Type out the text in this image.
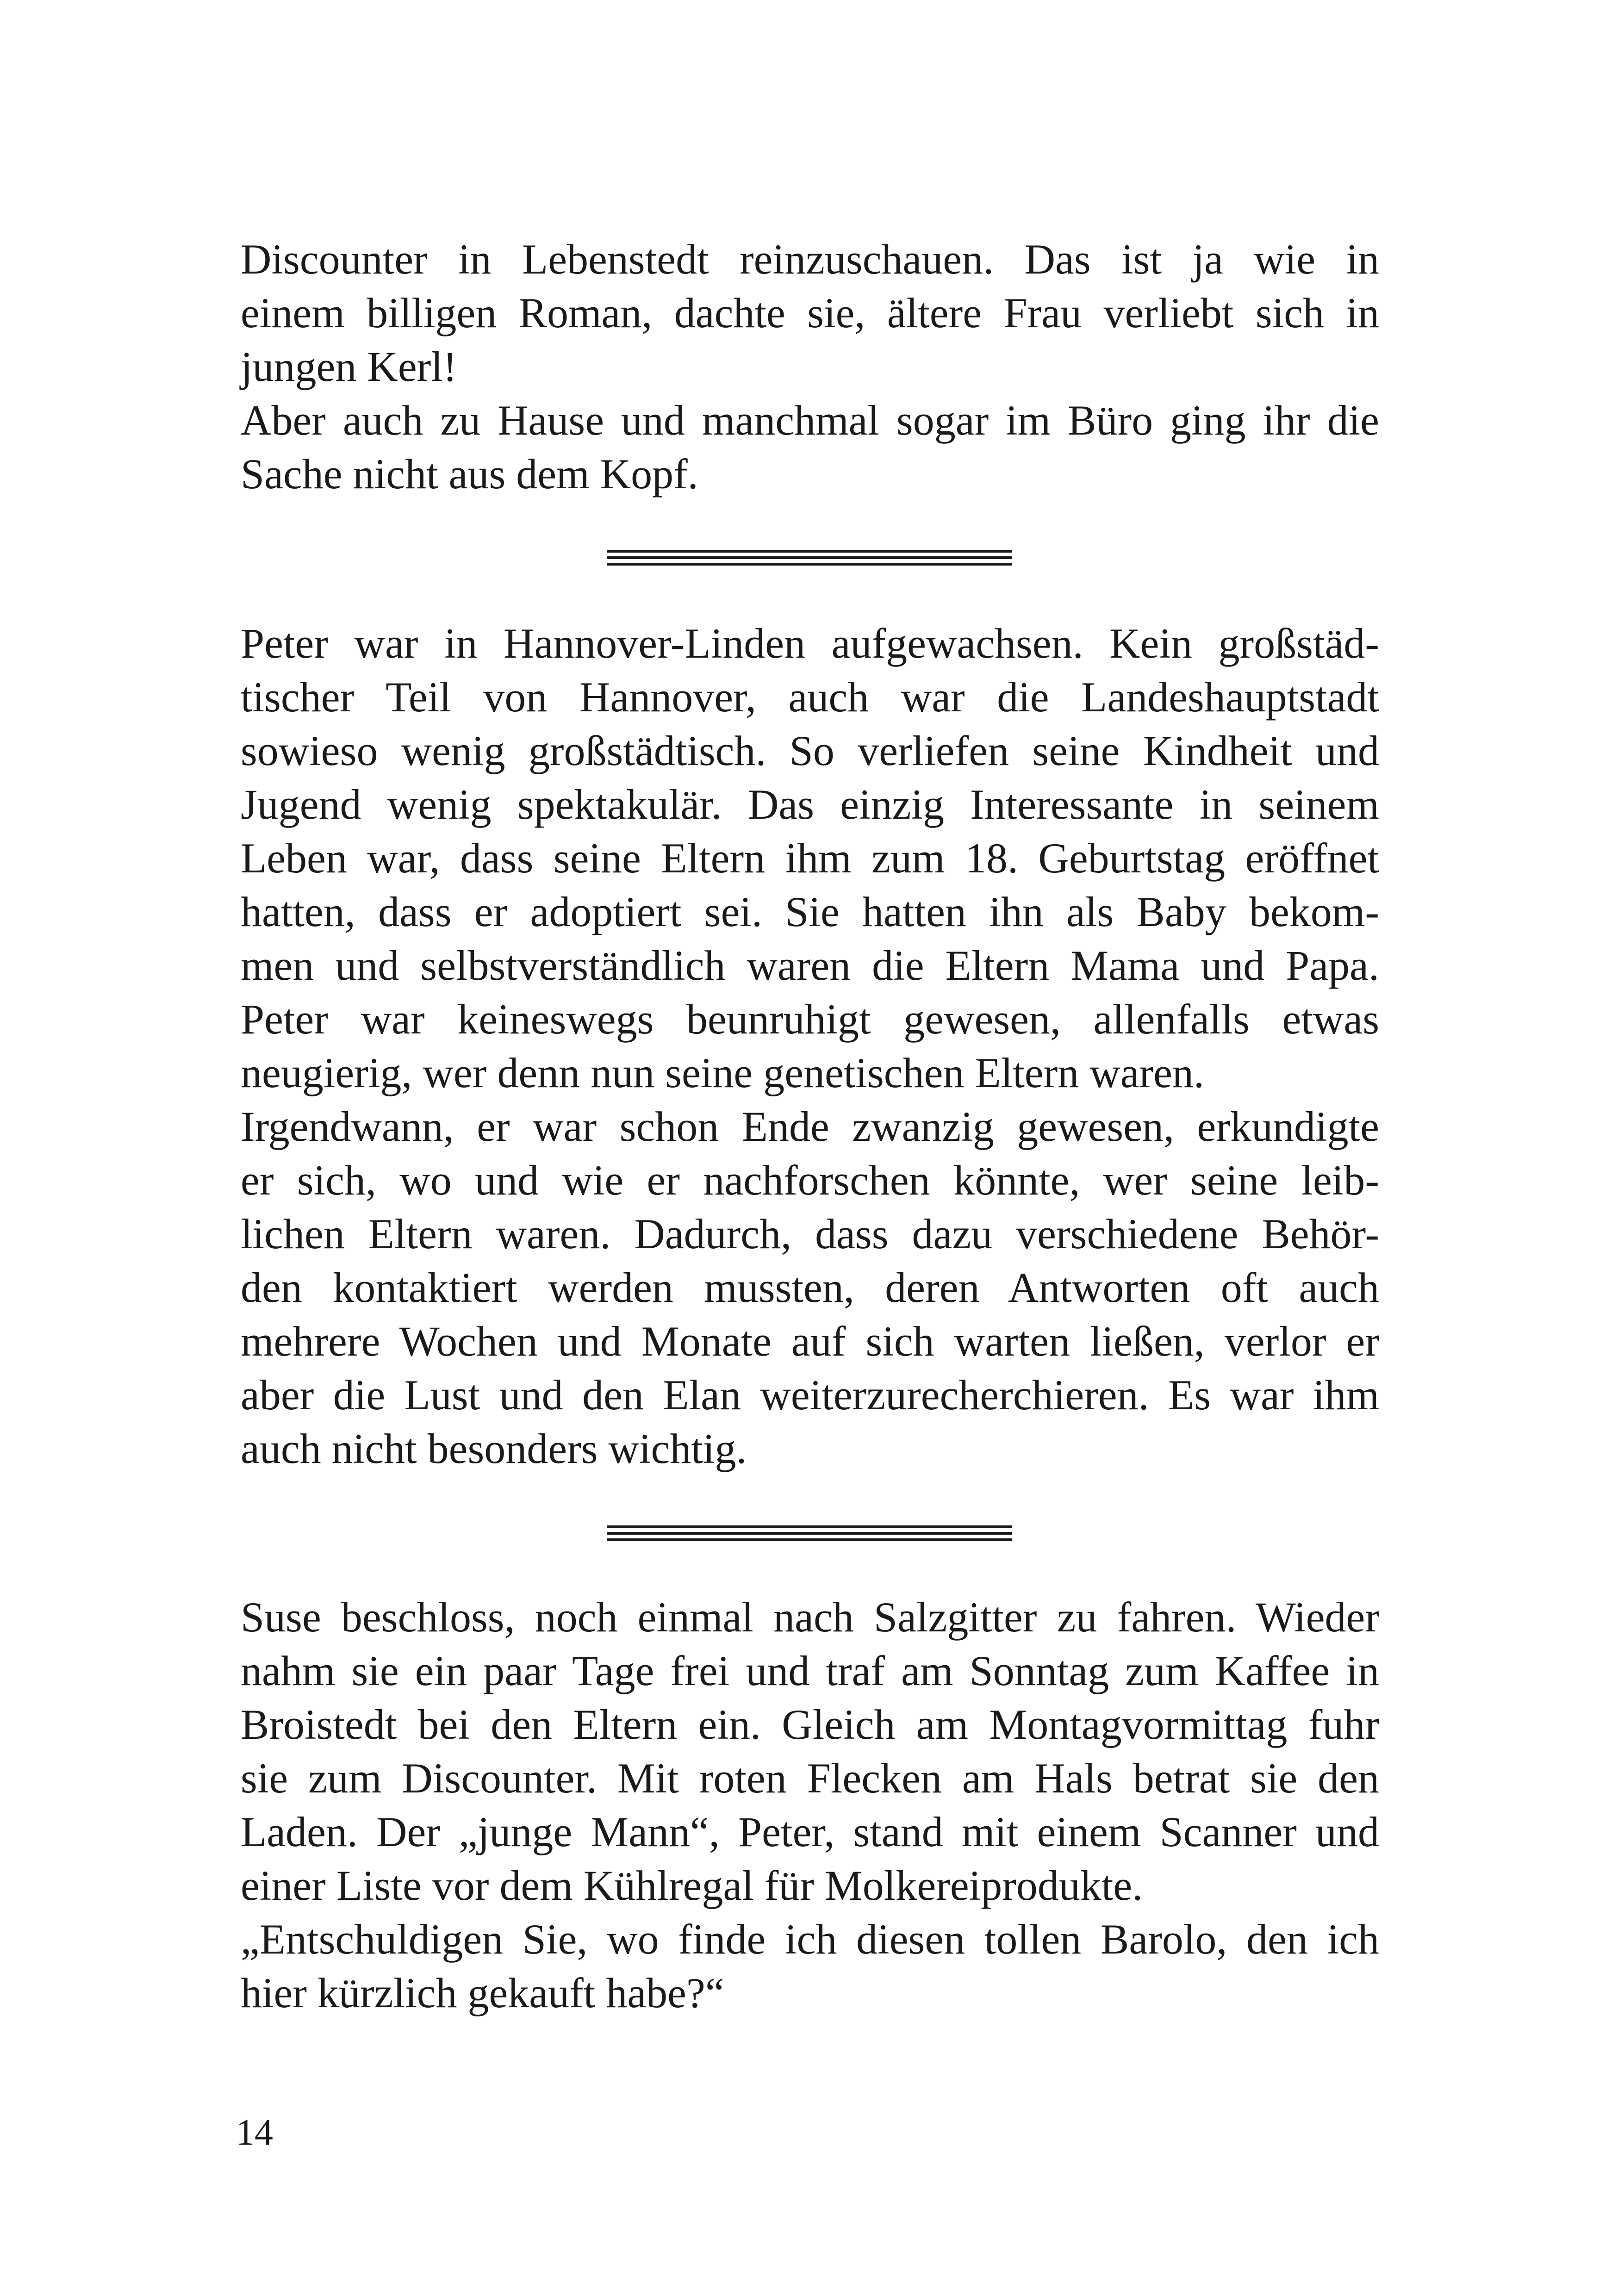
Discounter in Lebenstedt reinzuschauen. Das ist ja wie in
einem billigen Roman, dachte sie, ältere Frau verliebt sich in
jungen Kerl!
Aber auch zu Hause und manchmal sogar im Büro ging ihr die
Sache nicht aus dem Kopf.
Peter war in Hannover-Linden aufgewachsen. Kein großstäd-
tischer Teil von Hannover, auch war die Landeshauptstadt
sowieso wenig großstädtisch. So verliefen seine Kindheit und
Jugend wenig spektakulär. Das einzig Interessante in seinem
Leben war, dass seine Eltern ihm zum 18. Geburtstag eröffnet
hatten, dass er adoptiert sei. Sie hatten ihn als Baby bekom-
men und selbstverständlich waren die Eltern Mama und Papa.
Peter war keineswegs beunruhigt gewesen, allenfalls etwas
neugierig, wer denn nun seine genetischen Eltern waren.
Irgendwann, er war schon Ende zwanzig gewesen, erkundigte
er sich, wo und wie er nachforschen könnte, wer seine leib-
lichen Eltern waren. Dadurch, dass dazu verschiedene Behör-
den kontaktiert werden mussten, deren Antworten oft auch
mehrere Wochen und Monate auf sich warten ließen, verlor er
aber die Lust und den Elan weiterzurecherchieren. Es war ihm
auch nicht besonders wichtig.
Suse beschloss, noch einmal nach Salzgitter zu fahren. Wieder
nahm sie ein paar Tage frei und traf am Sonntag zum Kaffee in
Broistedt bei den Eltern ein. Gleich am Montagvormittag fuhr
sie zum Discounter. Mit roten Flecken am Hals betrat sie den
Laden. Der „junge Mann“, Peter, stand mit einem Scanner und
einer Liste vor dem Kühlregal für Molkereiprodukte.
„Entschuldigen Sie, wo finde ich diesen tollen Barolo, den ich
hier kürzlich gekauft habe?“
14
